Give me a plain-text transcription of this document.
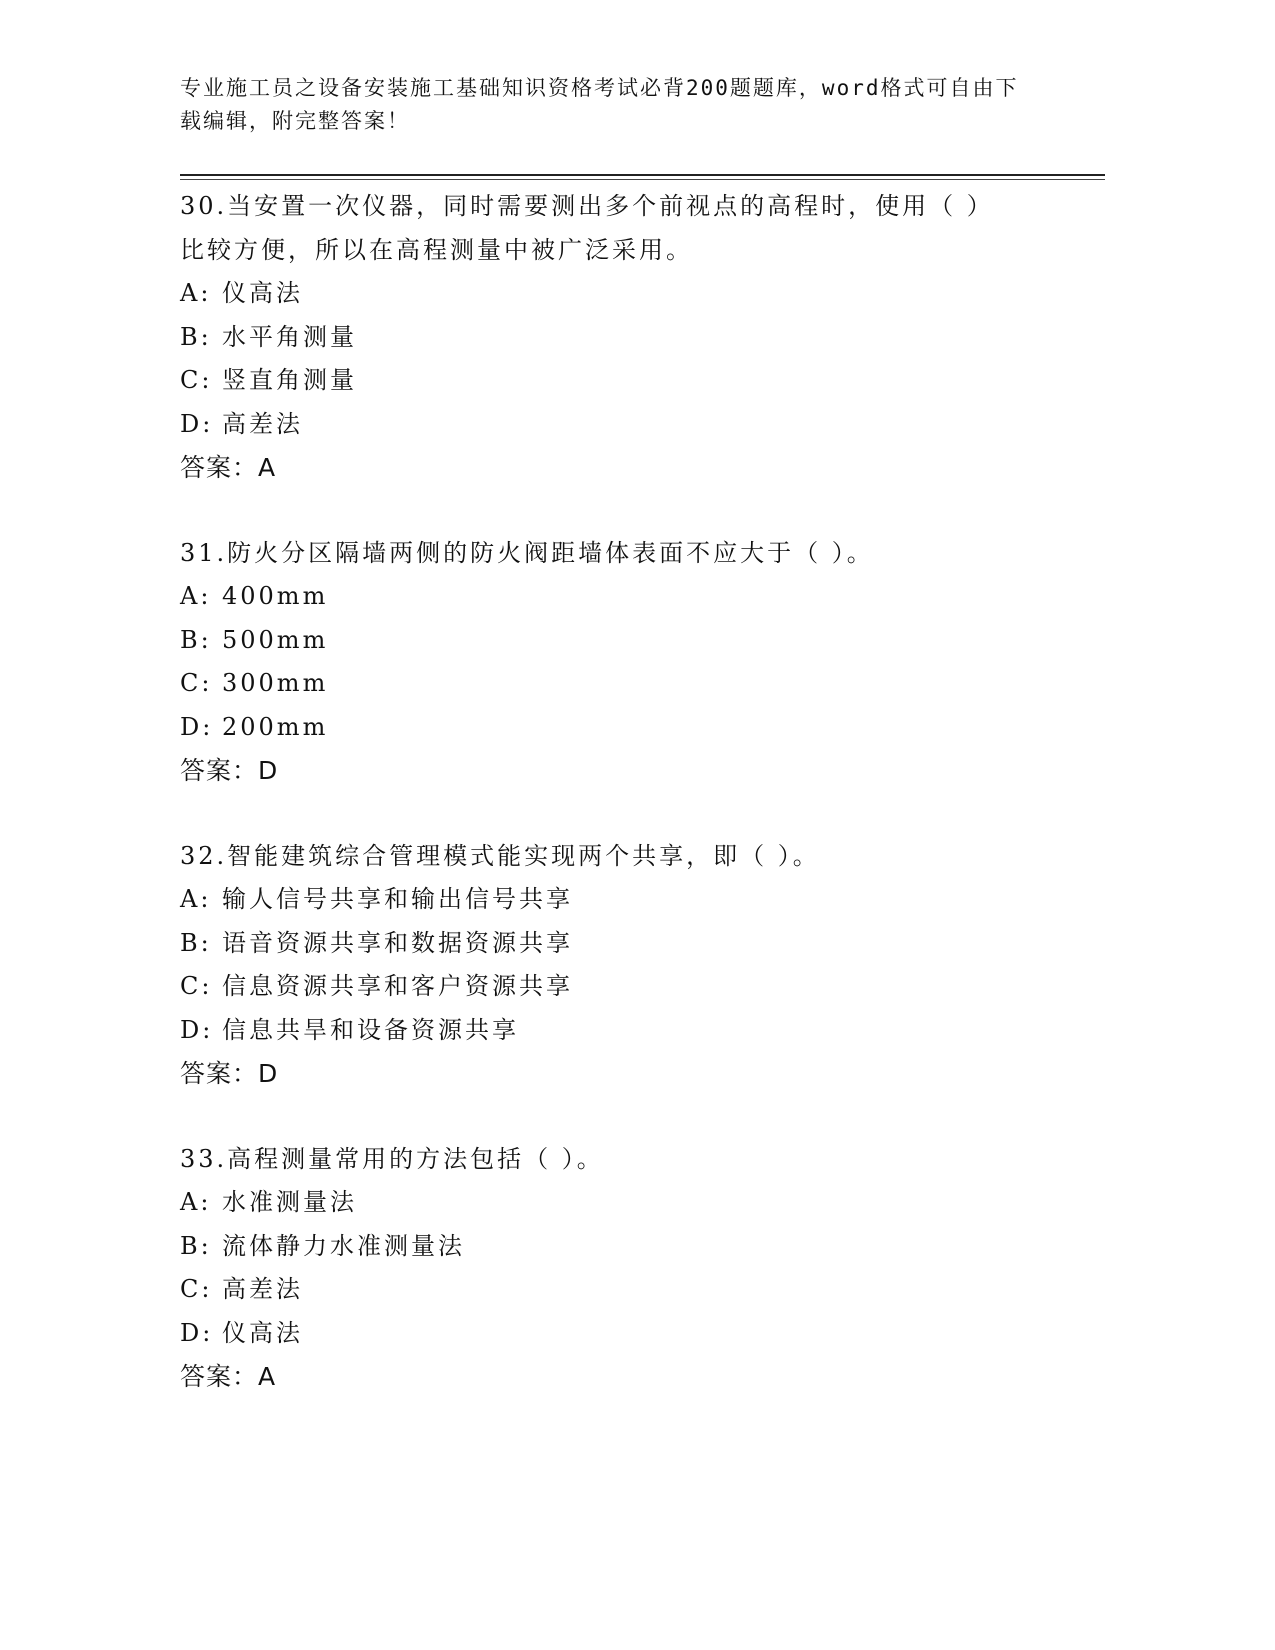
专业施工员之设备安装施工基础知识资格考试必背200题题库，word格式可自由下载编辑，附完整答案！
30.当安置一次仪器，同时需要测出多个前视点的高程时，使用（ ）比较方便，所以在高程测量中被广泛采用。
A: 仪高法
B: 水平角测量
C: 竖直角测量
D: 高差法
答案：A
31.防火分区隔墙两侧的防火阀距墙体表面不应大于（ ）。
A: 400mm
B: 500mm
C: 300mm
D: 200mm
答案：D
32.智能建筑综合管理模式能实现两个共享，即（ ）。
A: 输人信号共享和输出信号共享
B: 语音资源共享和数据资源共享
C: 信息资源共享和客户资源共享
D: 信息共旱和设备资源共享
答案：D
33.高程测量常用的方法包括（ ）。
A: 水准测量法
B: 流体静力水准测量法
C: 高差法
D: 仪高法
答案：A
